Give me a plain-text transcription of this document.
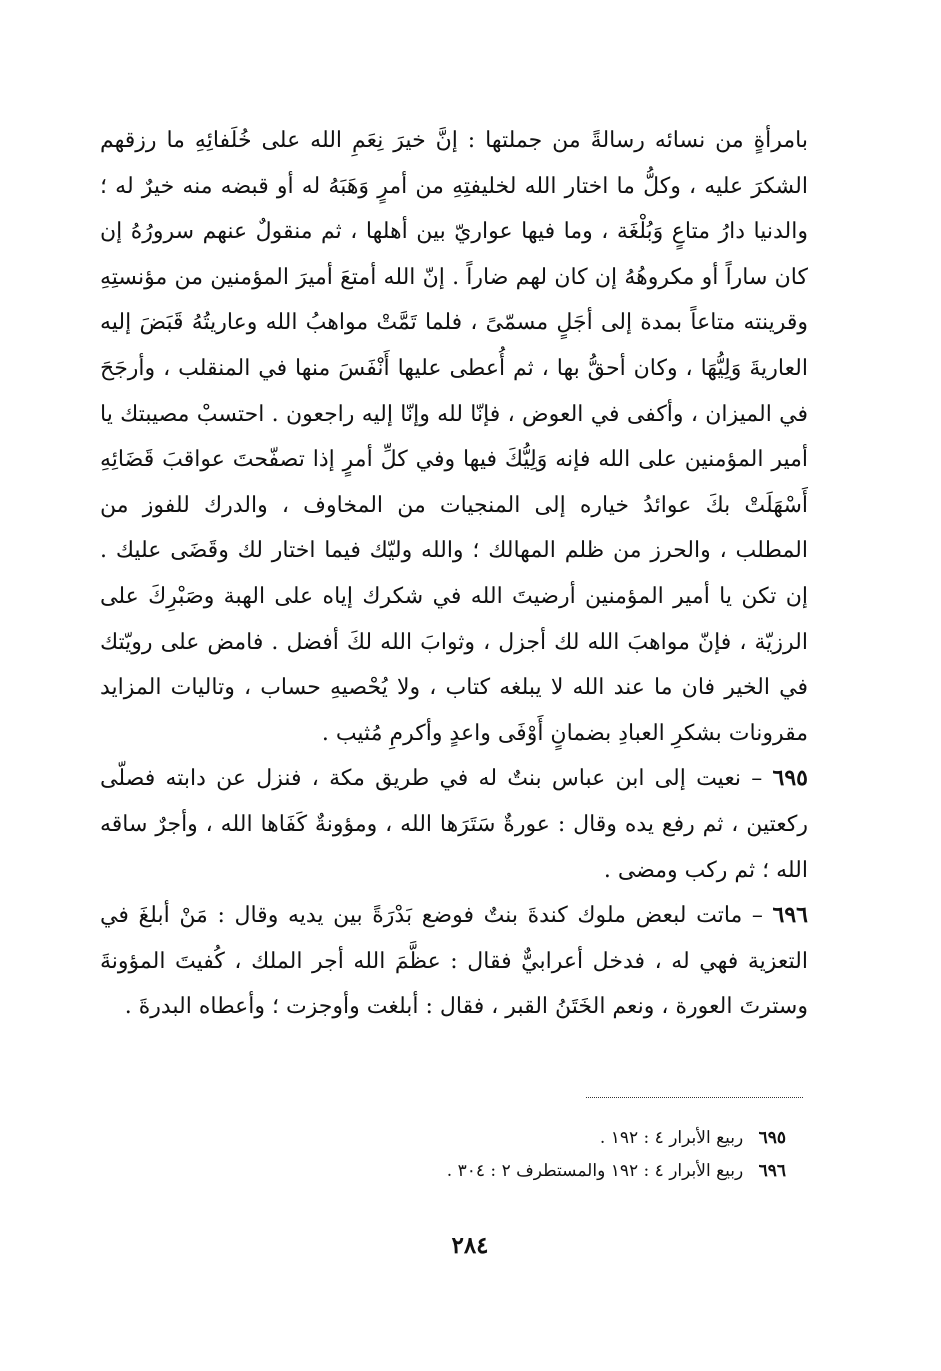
بامرأةٍ من نسائه رسالةً من جملتها : إنَّ خيرَ نِعَمِ الله على خُلَفائِهِ ما رزقهم الشكرَ عليه ، وكلُّ ما اختار الله لخليفتِهِ من أمرٍ وَهَبَهُ له أو قبضه منه خيرٌ له ؛ والدنيا دارُ متاعٍ وَبُلْغَة ، وما فيها عواريّ بين أهلها ، ثم منقولٌ عنهم سرورُهُ إن كان ساراً أو مكروهُهُ إن كان لهم ضاراً . إنّ الله أمتعَ أميرَ المؤمنين من مؤنستِهِ وقرينته متاعاً بمدة إلى أجَلٍ مسمّىً ، فلما تَمَّتْ مواهبُ الله وعاريتُهُ قَبَضَ إليه العاريةَ وَلِيُّهَا ، وكان أحقُّ بها ، ثم أُعطى عليها أَنْفَسَ منها في المنقلب ، وأرجَحَ في الميزان ، وأكفى في العوض ، فإنّا لله وإنّا إليه راجعون . احتسبْ مصيبتك يا أمير المؤمنين على الله فإنه وَلِيُّكَ فيها وفي كلِّ أمرٍ إذا تصفّحتَ عواقبَ قَضَائِهِ أَسْهَلَتْ بكَ عوائدُ خياره إلى المنجيات من المخاوف ، والدرك للفوز من المطلب ، والحرز من ظلم المهالك ؛ والله وليّك فيما اختار لك وقَضَى عليك . إن تكن يا أمير المؤمنين أرضيتَ الله في شكرك إياه على الهبة وصَبْرِكَ على الرزيّة ، فإنّ مواهبَ الله لك أجزل ، وثوابَ الله لكَ أفضل . فامض على رويّتك في الخير فان ما عند الله لا يبلغه كتاب ، ولا يُحْصيهِ حساب ، وتاليات المزايد مقرونات بشكرِ العبادِ بضمانٍ أَوْفَى واعدٍ وأكرمِ مُثيب .

٦٩٥ – نعيت إلى ابن عباس بنتٌ له في طريق مكة ، فنزل عن دابته فصلّى ركعتين ، ثم رفع يده وقال : عورةٌ سَتَرَها الله ، ومؤونةٌ كَفَاها الله ، وأجرٌ ساقه الله ؛ ثم ركب ومضى .

٦٩٦ – ماتت لبعض ملوك كندةَ بنتٌ فوضع بَدْرَةً بين يديه وقال : مَنْ أبلغَ في التعزية فهي له ، فدخل أعرابيٌّ فقال : عظَّمَ الله أجر الملك ، كُفيتَ المؤونةَ وسترتَ العورة ، ونعم الخَتَنُ القبر ، فقال : أبلغت وأوجزت ؛ وأعطاه البدرةَ .

٦٩٥ ربيع الأبرار ٤ : ١٩٢ .
٦٩٦ ربيع الأبرار ٤ : ١٩٢ والمستطرف ٢ : ٣٠٤ .
٢٨٤
